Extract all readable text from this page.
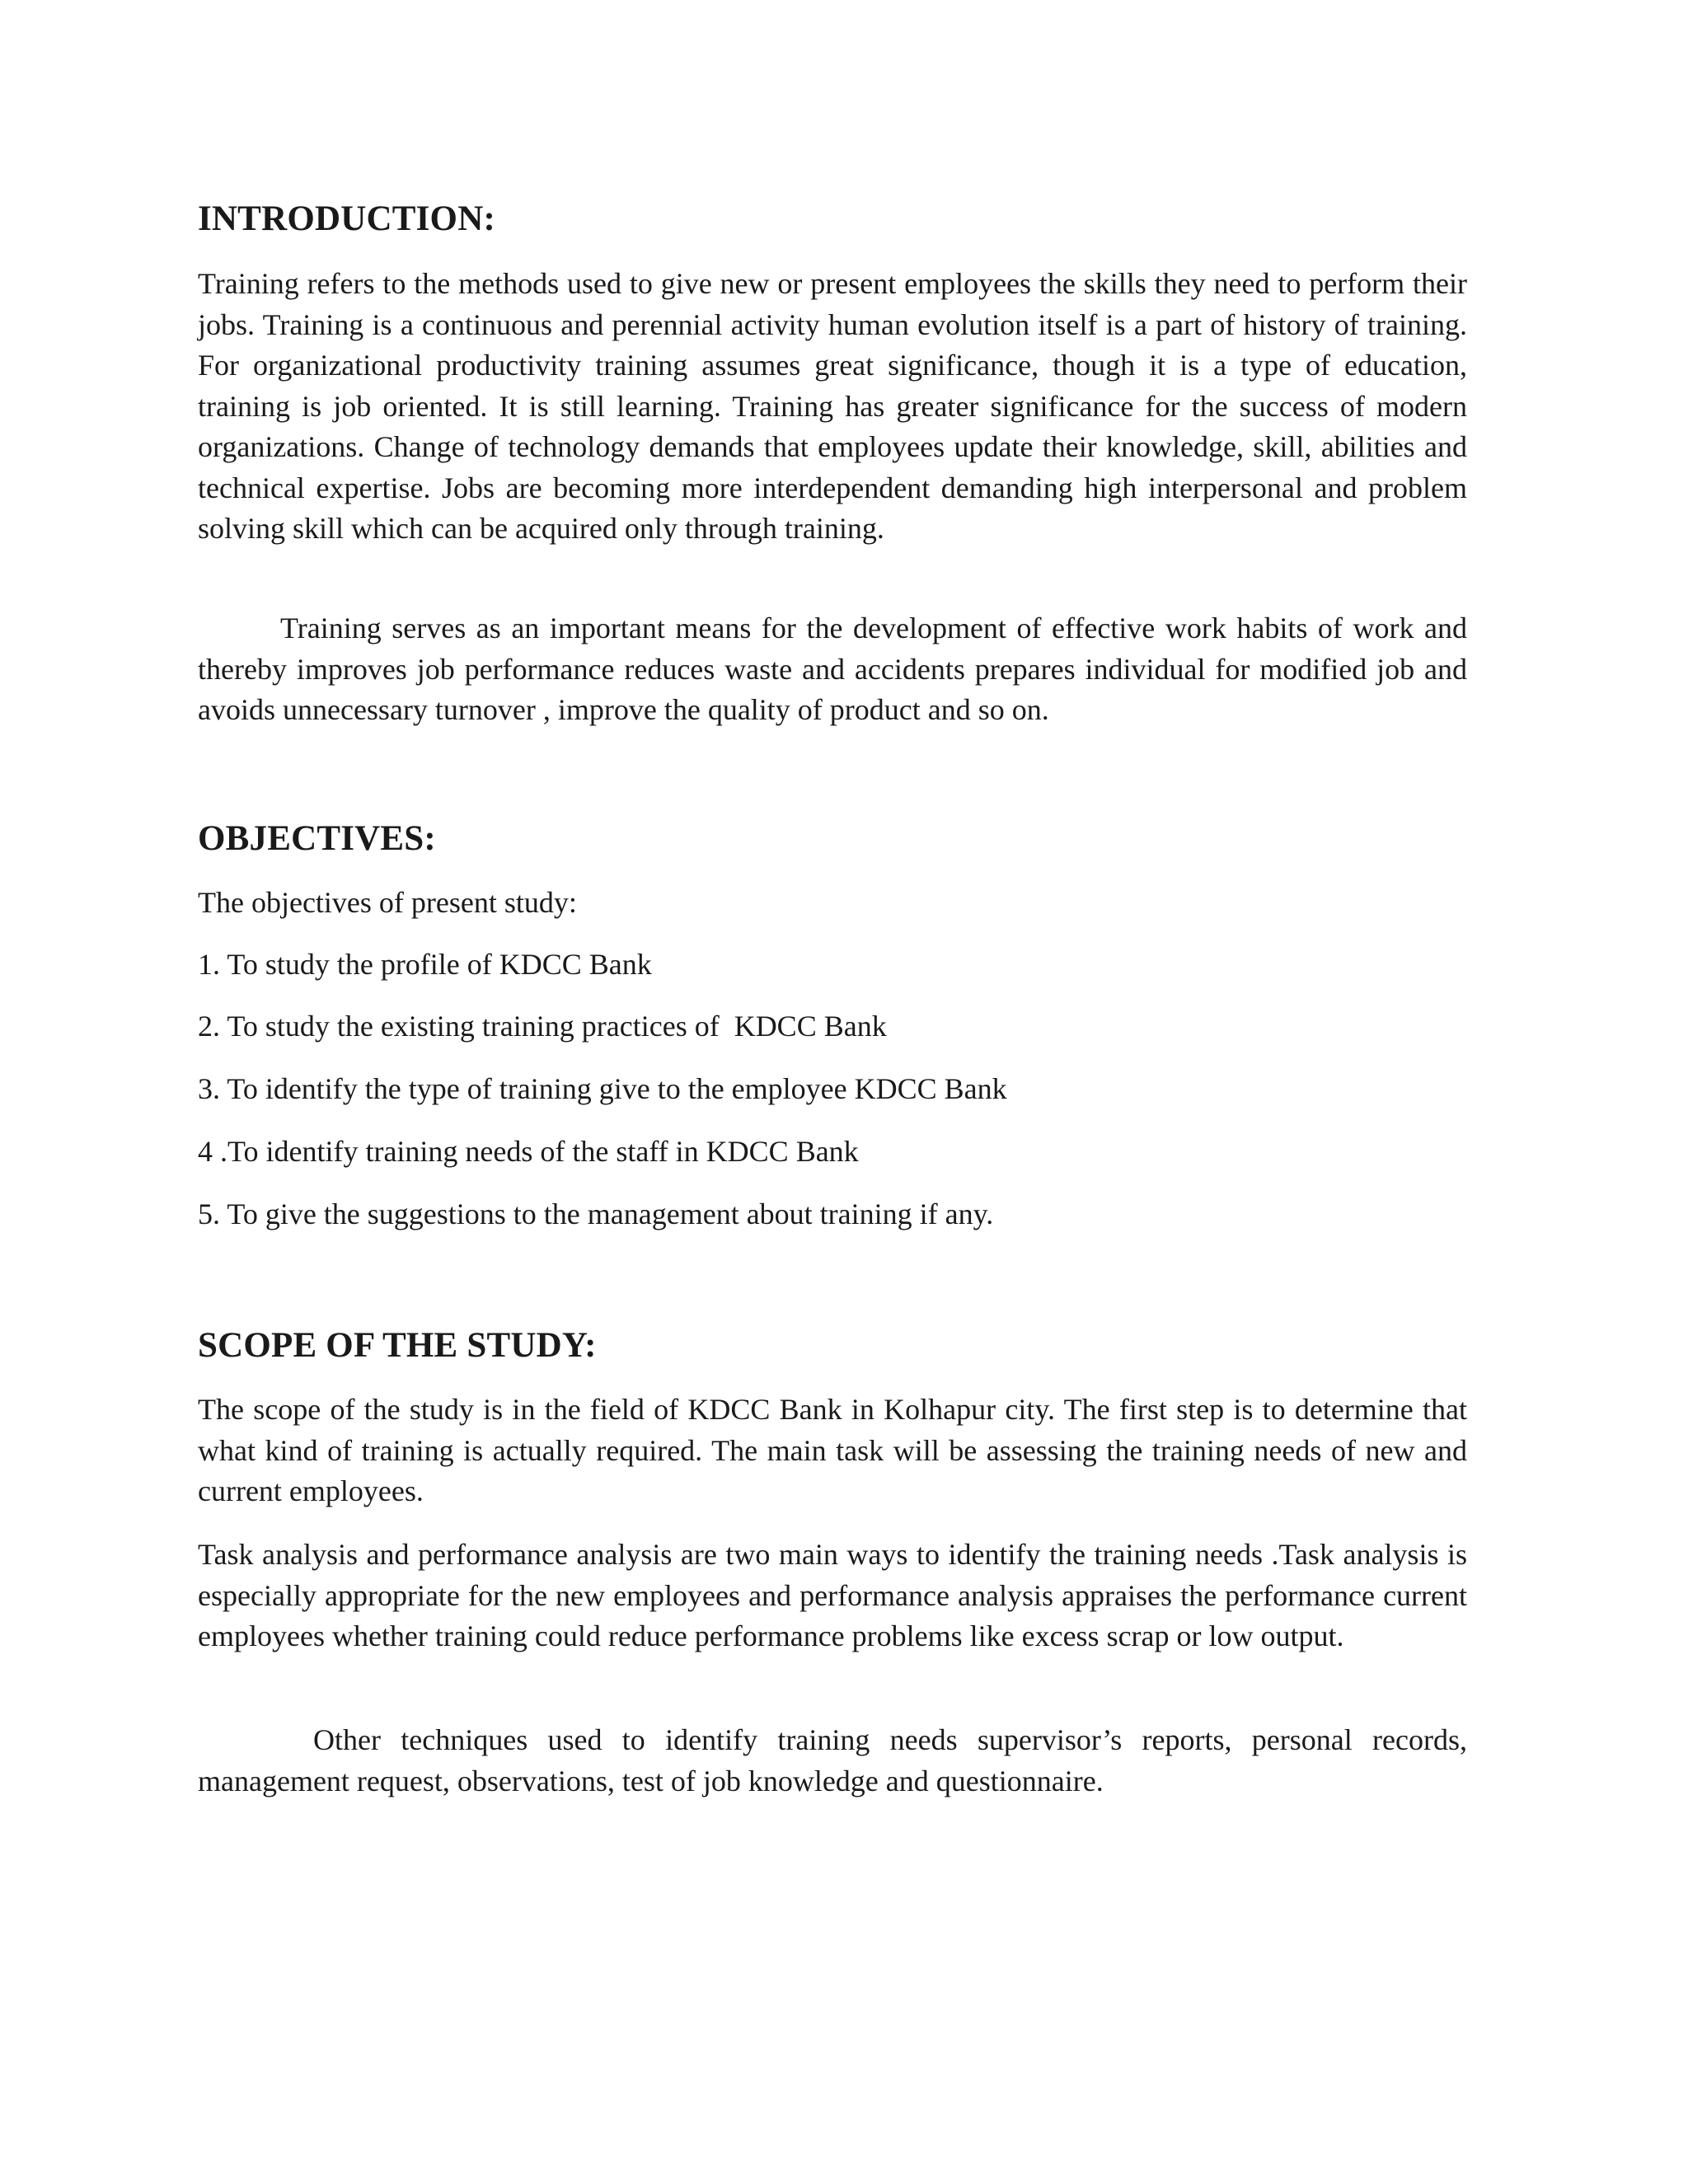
INTRODUCTION:

Training refers to the methods used to give new or present employees the skills they need to perform their jobs. Training is a continuous and perennial activity human evolution itself is a part of history of training. For organizational productivity training assumes great significance, though it is a type of education, training is job oriented. It is still learning. Training has greater significance for the success of modern organizations. Change of technology demands that employees update their knowledge, skill, abilities and technical expertise. Jobs are becoming more interdependent demanding high interpersonal and problem solving skill which can be acquired only through training.

Training serves as an important means for the development of effective work habits of work and thereby improves job performance reduces waste and accidents prepares individual for modified job and avoids unnecessary turnover , improve the quality of product and so on.

OBJECTIVES:

The objectives of present study:

1. To study the profile of KDCC Bank

2. To study the existing training practices of  KDCC Bank

3. To identify the type of training give to the employee KDCC Bank

4 .To identify training needs of the staff in KDCC Bank

5. To give the suggestions to the management about training if any.

SCOPE OF THE STUDY:

The scope of the study is in the field of KDCC Bank in Kolhapur city. The first step is to determine that what kind of training is actually required. The main task will be assessing the training needs of new and current employees.

Task analysis and performance analysis are two main ways to identify the training needs .Task analysis is especially appropriate for the new employees and performance analysis appraises the performance current employees whether training could reduce performance problems like excess scrap or low output.

Other techniques used to identify training needs supervisor’s reports, personal records, management request, observations, test of job knowledge and questionnaire.
